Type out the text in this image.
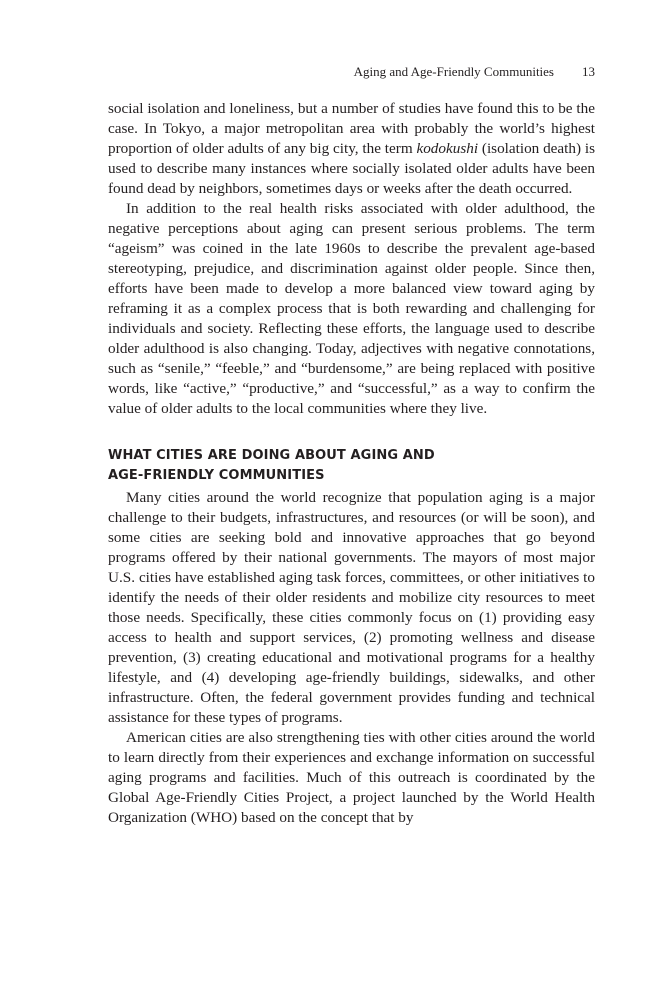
Aging and Age-Friendly Communities 13

social isolation and loneliness, but a number of studies have found this to be the case. In Tokyo, a major metropolitan area with probably the world’s highest proportion of older adults of any big city, the term kodokushi (isolation death) is used to describe many instances where socially isolated older adults have been found dead by neighbors, sometimes days or weeks after the death occurred.

In addition to the real health risks associated with older adulthood, the negative perceptions about aging can present serious problems. The term “ageism” was coined in the late 1960s to describe the prevalent age-based stereotyping, prejudice, and discrimination against older people. Since then, efforts have been made to develop a more balanced view toward aging by reframing it as a complex process that is both rewarding and challenging for individuals and society. Reflecting these efforts, the language used to describe older adulthood is also changing. Today, adjectives with negative connotations, such as “senile,” “feeble,” and “burdensome,” are being replaced with positive words, like “active,” “productive,” and “successful,” as a way to confirm the value of older adults to the local communities where they live.

WHAT CITIES ARE DOING ABOUT AGING AND
AGE-FRIENDLY COMMUNITIES

Many cities around the world recognize that population aging is a major challenge to their budgets, infrastructures, and resources (or will be soon), and some cities are seeking bold and innovative approaches that go beyond programs offered by their national governments. The mayors of most major U.S. cities have established aging task forces, committees, or other initiatives to identify the needs of their older residents and mobilize city resources to meet those needs. Specifically, these cities commonly focus on (1) providing easy access to health and support services, (2) promoting wellness and disease prevention, (3) creating educational and motivational programs for a healthy lifestyle, and (4) developing age-friendly buildings, sidewalks, and other infrastructure. Often, the federal government provides funding and technical assistance for these types of programs.

American cities are also strengthening ties with other cities around the world to learn directly from their experiences and exchange information on successful aging programs and facilities. Much of this outreach is coordinated by the Global Age-Friendly Cities Project, a project launched by the World Health Organization (WHO) based on the concept that by
